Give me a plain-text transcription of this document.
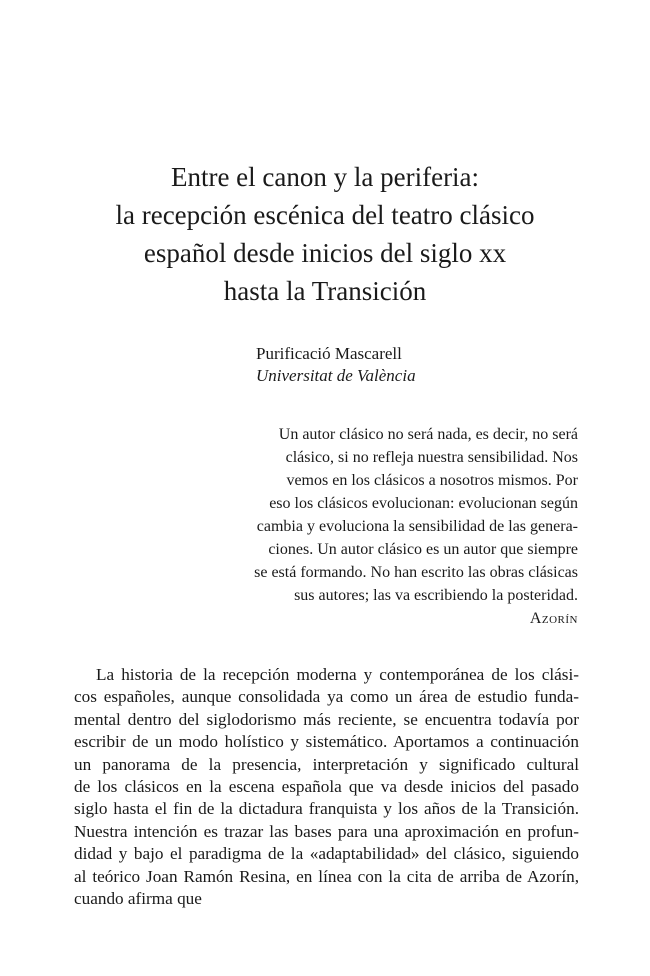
Entre el canon y la periferia:
la recepción escénica del teatro clásico
español desde inicios del siglo xx
hasta la Transición
Purificació Mascarell
Universitat de València
Un autor clásico no será nada, es decir, no será
clásico, si no refleja nuestra sensibilidad. Nos
vemos en los clásicos a nosotros mismos. Por
eso los clásicos evolucionan: evolucionan según
cambia y evoluciona la sensibilidad de las genera-
ciones. Un autor clásico es un autor que siempre
se está formando. No han escrito las obras clásicas
sus autores; las va escribiendo la posteridad.
Azorín
La historia de la recepción moderna y contemporánea de los clási-
cos españoles, aunque consolidada ya como un área de estudio funda-
mental dentro del siglodorismo más reciente, se encuentra todavía por
escribir de un modo holístico y sistemático. Aportamos a continuación
un panorama de la presencia, interpretación y significado cultural
de los clásicos en la escena española que va desde inicios del pasado
siglo hasta el fin de la dictadura franquista y los años de la Transición.
Nuestra intención es trazar las bases para una aproximación en profun-
didad y bajo el paradigma de la «adaptabilidad» del clásico, siguiendo
al teórico Joan Ramón Resina, en línea con la cita de arriba de Azorín,
cuando afirma que
